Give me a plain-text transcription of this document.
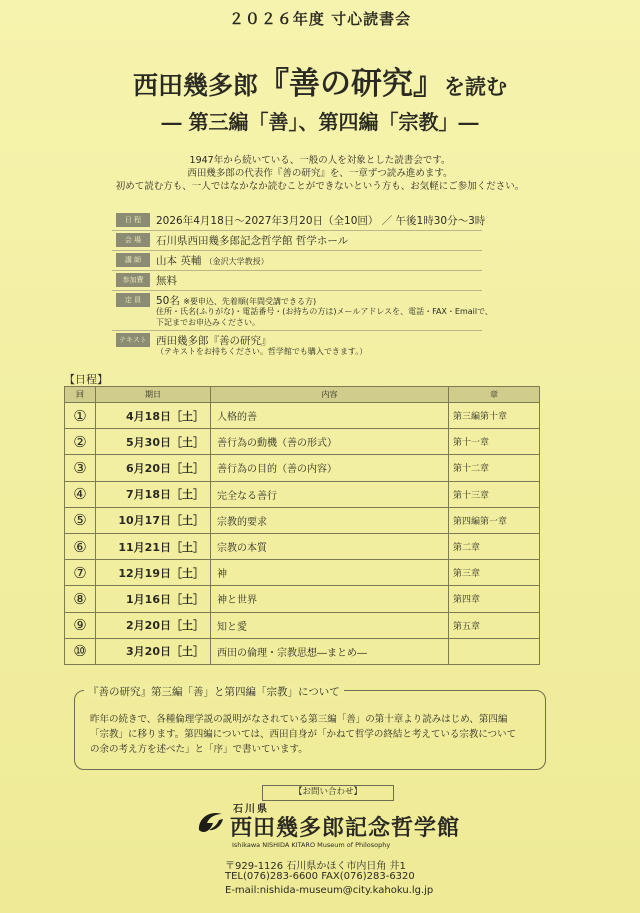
２０２６年度 寸心読書会
西田幾多郎『善の研究』を読む
― 第三編「善」、第四編「宗教」―
1947年から続いている、一般の人を対象とした読書会です。
西田幾多郎の代表作『善の研究』を、一章ずつ読み進めます。
初めて読む方も、一人ではなかなか読むことができないという方も、お気軽にご参加ください。
日 程	2026年4月18日～2027年3月20日（全10回） ／ 午後1時30分～3時
会 場	石川県西田幾多郎記念哲学館 哲学ホール
講 師	山本 英輔 （金沢大学教授）
参加費	無料
定 員	50名 ※要申込、先着順(年間受講できる方)
住所・氏名(ふりがな)・電話番号・(お持ちの方は)メールアドレスを、電話・FAX・Emailで、
下記までお申込みください。
テキスト 西田幾多郎『善の研究』
（テキストをお持ちください。哲学館でも購入できます。）
【日程】
回	期日	内容	章
①	4月18日［土］	人格的善	第三編第十章
②	5月30日［土］	善行為の動機（善の形式）	第十一章
③	6月20日［土］	善行為の目的（善の内容）	第十二章
④	7月18日［土］	完全なる善行	第十三章
⑤	10月17日［土］	宗教的要求	第四編第一章
⑥	11月21日［土］	宗教の本質	第二章
⑦	12月19日［土］	神	第三章
⑧	1月16日［土］	神と世界	第四章
⑨	2月20日［土］	知と愛	第五章
⑩	3月20日［土］	西田の倫理・宗教思想―まとめ―	
『善の研究』第三編「善」と第四編「宗教」について
昨年の続きで、各種倫理学説の説明がなされている第三編「善」の第十章より読みはじめ、第四編
「宗教」に移ります。第四編については、西田自身が「かねて哲学の終結と考えている宗教について
の余の考え方を述べた」と「序」で書いています。
【お問い合わせ】
石川県
西田幾多郎記念哲学館
Ishikawa NISHIDA KITARO Museum of Philosophy
〒929-1126 石川県かほく市内日角 井1
TEL(076)283-6600 FAX(076)283-6320
E-mail:nishida-museum@city.kahoku.lg.jp
